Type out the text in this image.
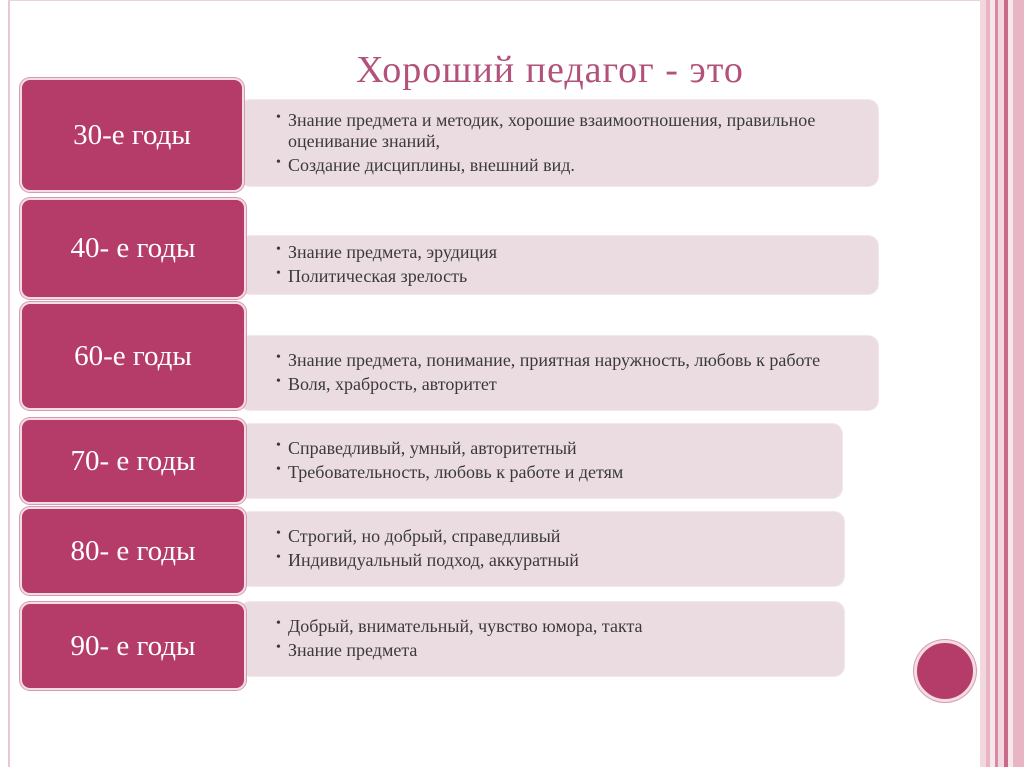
Хороший педагог - это
• Знание предмета и методик, хорошие взаимоотношения, правильное оценивание знаний,
• Создание дисциплины, внешний вид.
30-е годы
• Знание предмета, эрудиция
• Политическая зрелость
40- е годы
• Знание предмета, понимание, приятная наружность, любовь к работе
• Воля, храбрость, авторитет
60-е годы
• Справедливый, умный, авторитетный
• Требовательность, любовь к работе и детям
70- е годы
• Строгий, но добрый, справедливый
• Индивидуальный подход, аккуратный
80- е годы
• Добрый, внимательный, чувство юмора, такта
• Знание предмета
90- е годы
